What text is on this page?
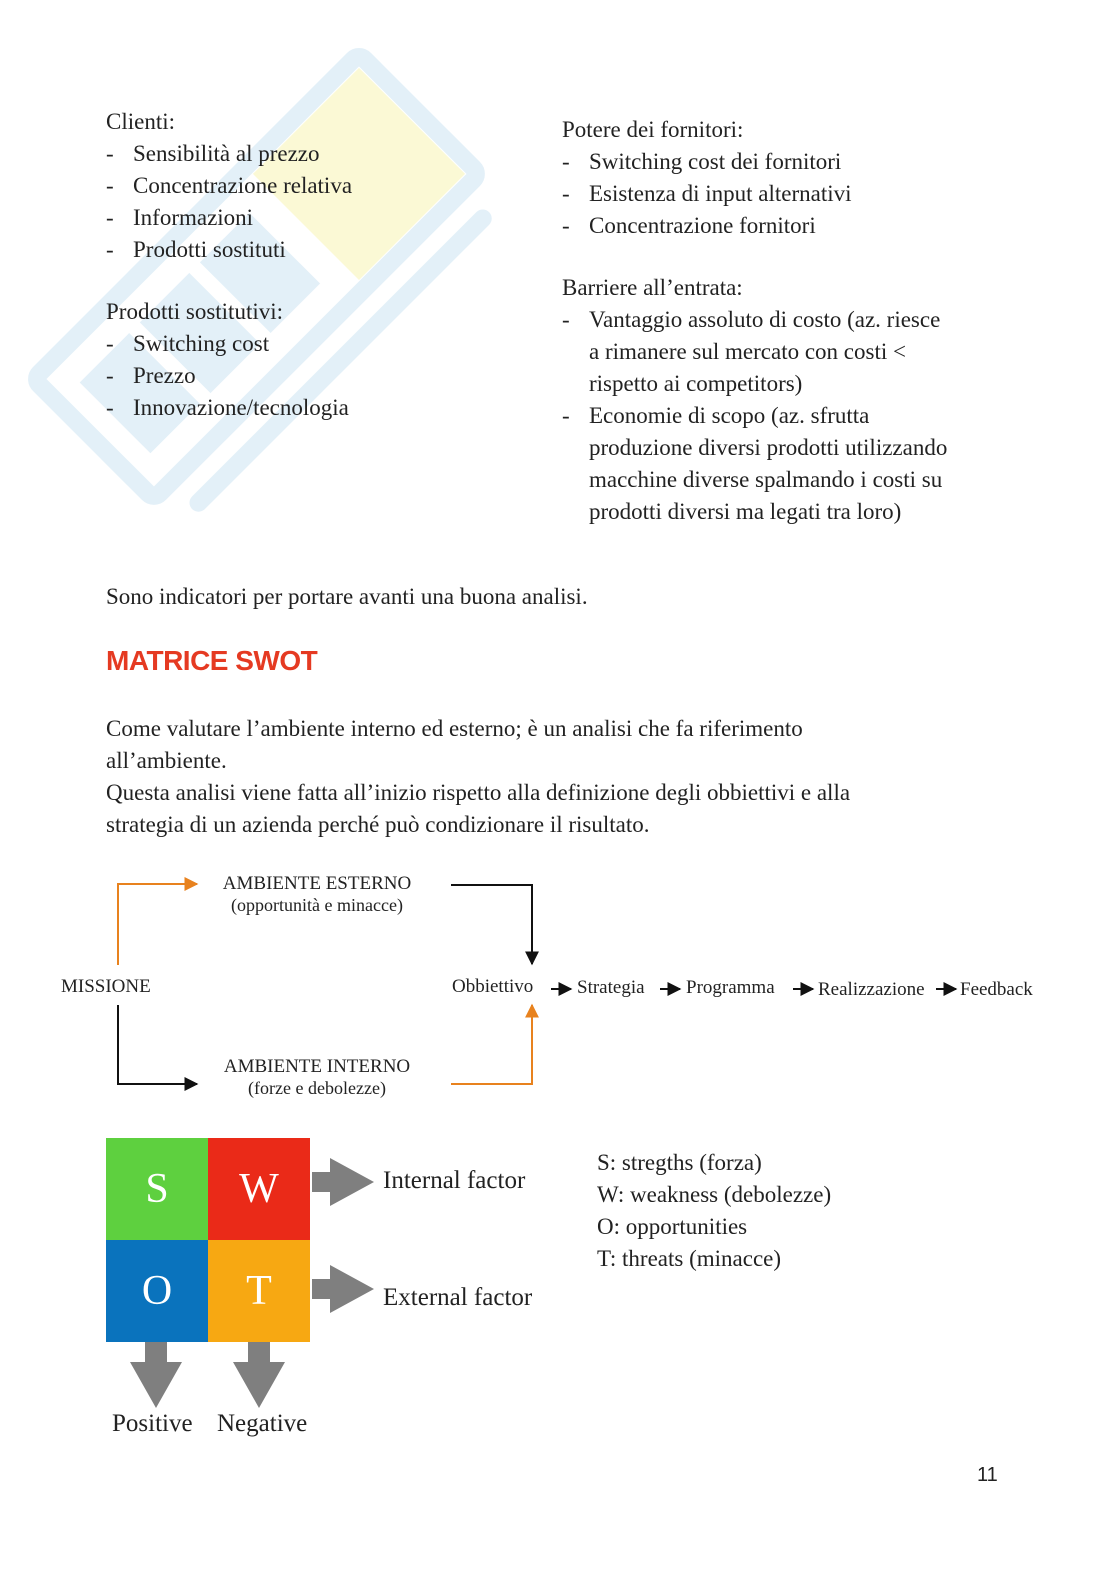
Clienti:
- Sensibilità al prezzo
- Concentrazione relativa
- Informazioni
- Prodotti sostituti
Prodotti sostitutivi:
- Switching cost
- Prezzo
- Innovazione/tecnologia
Potere dei fornitori:
- Switching cost dei fornitori
- Esistenza di input alternativi
- Concentrazione fornitori
Barriere all’entrata:
- Vantaggio assoluto di costo (az. riesce
a rimanere sul mercato con costi <
rispetto ai competitors)
- Economie di scopo (az. sfrutta
produzione diversi prodotti utilizzando
macchine diverse spalmando i costi su
prodotti diversi ma legati tra loro)
Sono indicatori per portare avanti una buona analisi.
MATRICE SWOT
Come valutare l’ambiente interno ed esterno; è un analisi che fa riferimento
all’ambiente.
Questa analisi viene fatta all’inizio rispetto alla definizione degli obbiettivi e alla
strategia di un azienda perché può condizionare il risultato.
MISSIONE
AMBIENTE ESTERNO
(opportunità e minacce)
AMBIENTE INTERNO
(forze e debolezze)
Obbiettivo Strategia Programma Realizzazione Feedback
S	W
O	T
Internal factor
External factor
Positive Negative
S: stregths (forza)
W: weakness (debolezze)
O: opportunities
T: threats (minacce)
11
